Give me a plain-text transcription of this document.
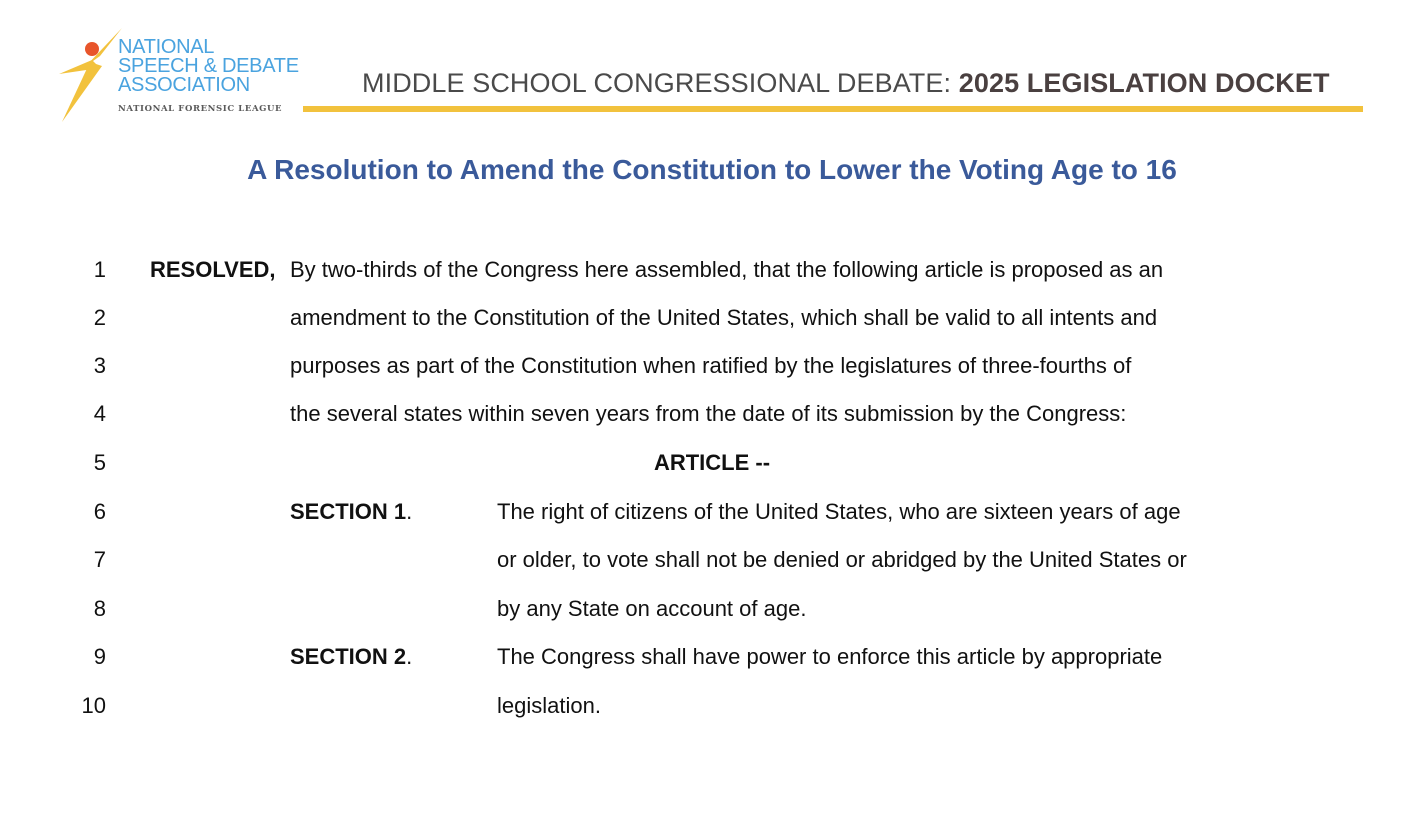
NATIONAL
SPEECH & DEBATE
ASSOCIATION
NATIONAL FORENSIC LEAGUE
MIDDLE SCHOOL CONGRESSIONAL DEBATE: 2025 LEGISLATION DOCKET
A Resolution to Amend the Constitution to Lower the Voting Age to 16
1 RESOLVED, By two-thirds of the Congress here assembled, that the following article is proposed as an
2	amendment to the Constitution of the United States, which shall be valid to all intents and
3	purposes as part of the Constitution when ratified by the legislatures of three-fourths of
4	the several states within seven years from the date of its submission by the Congress:
5	ARTICLE --
6	SECTION 1.	The right of citizens of the United States, who are sixteen years of age
7	or older, to vote shall not be denied or abridged by the United States or
8	by any State on account of age.
9	SECTION 2.	The Congress shall have power to enforce this article by appropriate
10	legislation.
